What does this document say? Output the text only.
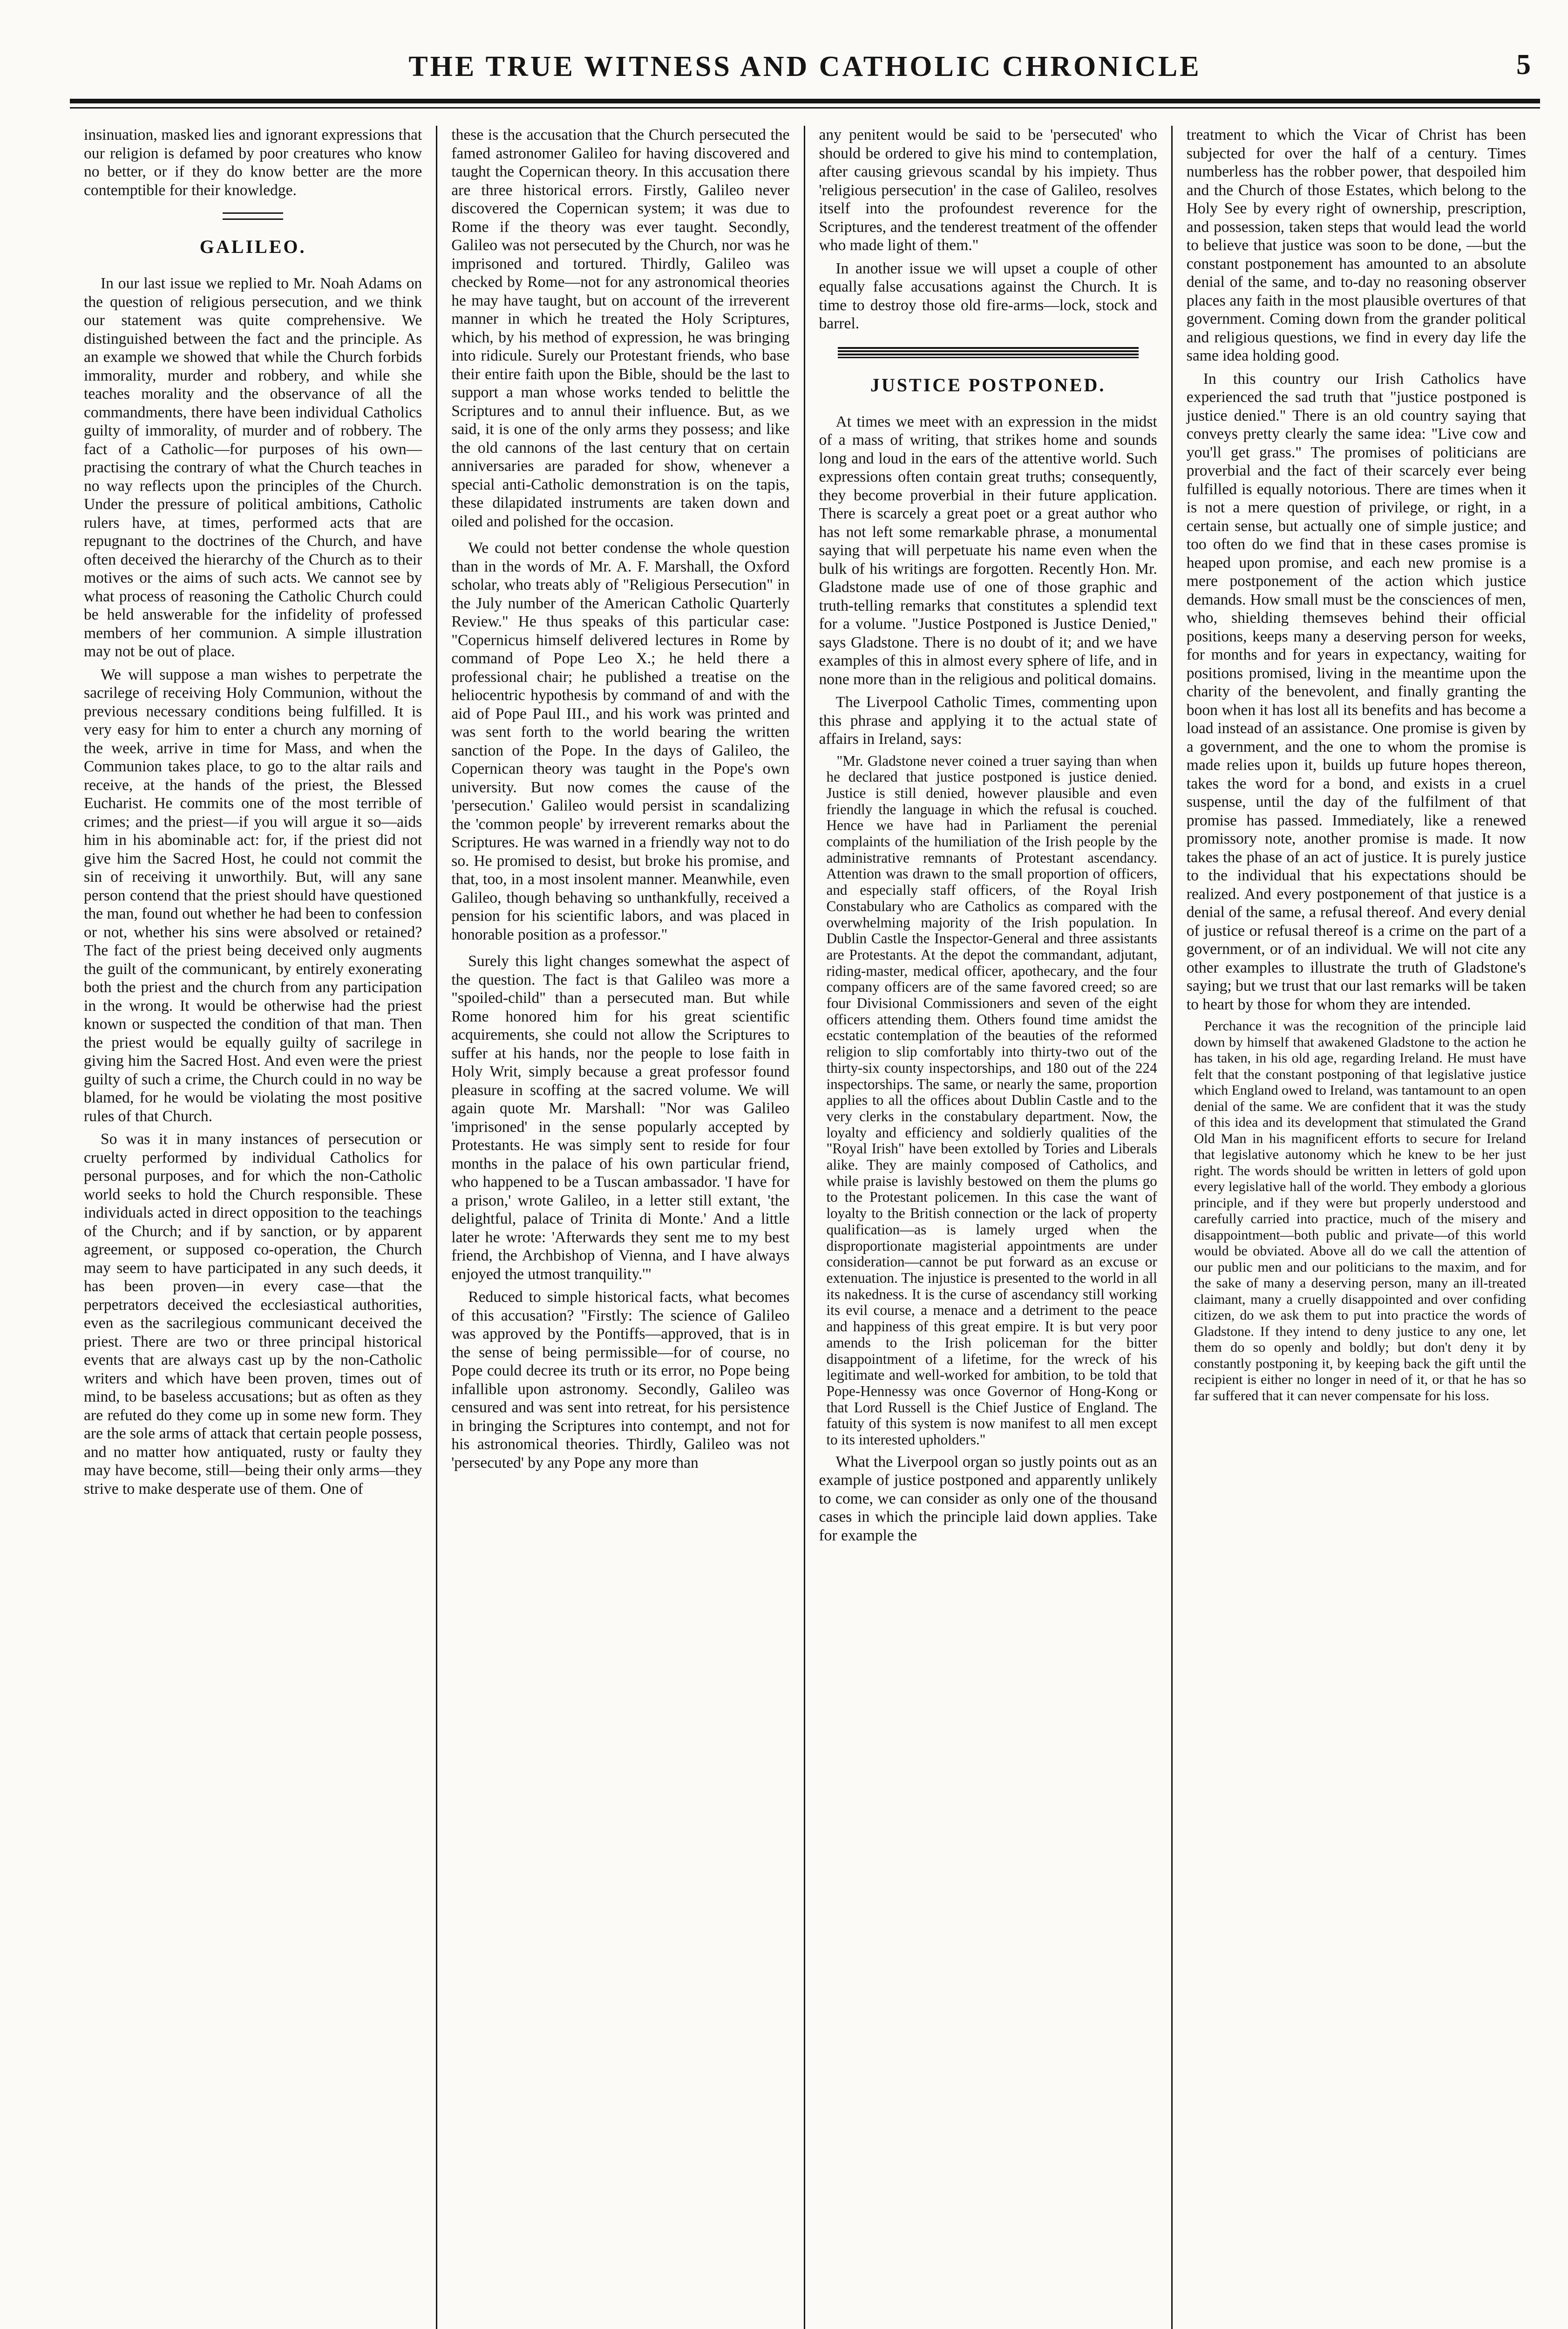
THE TRUE WITNESS AND CATHOLIC CHRONICLE	5

insinuation, masked lies and ignorant expressions that our religion is defamed by poor creatures who know no better, or if they do know better are the more contemptible for their knowledge.

GALILEO.

In our last issue we replied to Mr. Noah Adams on the question of religious persecution, and we think our statement was quite comprehensive. We distinguished between the fact and the principle. As an example we showed that while the Church forbids immorality, murder and robbery, and while she teaches morality and the observance of all the commandments, there have been individual Catholics guilty of immorality, of murder and of robbery. The fact of a Catholic—for purposes of his own—practising the contrary of what the Church teaches in no way reflects upon the principles of the Church. Under the pressure of political ambitions, Catholic rulers have, at times, performed acts that are repugnant to the doctrines of the Church, and have often deceived the hierarchy of the Church as to their motives or the aims of such acts. We cannot see by what process of reasoning the Catholic Church could be held answerable for the infidelity of professed members of her communion. A simple illustration may not be out of place.

We will suppose a man wishes to perpetrate the sacrilege of receiving Holy Communion, without the previous necessary conditions being fulfilled. It is very easy for him to enter a church any morning of the week, arrive in time for Mass, and when the Communion takes place, to go to the altar rails and receive, at the hands of the priest, the Blessed Eucharist. He commits one of the most terrible of crimes; and the priest—if you will argue it so—aids him in his abominable act: for, if the priest did not give him the Sacred Host, he could not commit the sin of receiving it unworthily. But, will any sane person contend that the priest should have questioned the man, found out whether he had been to confession or not, whether his sins were absolved or retained? The fact of the priest being deceived only augments the guilt of the communicant, by entirely exonerating both the priest and the church from any participation in the wrong. It would be otherwise had the priest known or suspected the condition of that man. Then the priest would be equally guilty of sacrilege in giving him the Sacred Host. And even were the priest guilty of such a crime, the Church could in no way be blamed, for he would be violating the most positive rules of that Church.

So was it in many instances of persecution or cruelty performed by individual Catholics for personal purposes, and for which the non-Catholic world seeks to hold the Church responsible. These individuals acted in direct opposition to the teachings of the Church; and if by sanction, or by apparent agreement, or supposed co-operation, the Church may seem to have participated in any such deeds, it has been proven—in every case—that the perpetrators deceived the ecclesiastical authorities, even as the sacrilegious communicant deceived the priest. There are two or three principal historical events that are always cast up by the non-Catholic writers and which have been proven, times out of mind, to be baseless accusations; but as often as they are refuted do they come up in some new form. They are the sole arms of attack that certain people possess, and no matter how antiquated, rusty or faulty they may have become, still—being their only arms—they strive to make desperate use of them. One of

these is the accusation that the Church persecuted the famed astronomer Galileo for having discovered and taught the Copernican theory. In this accusation there are three historical errors. Firstly, Galileo never discovered the Copernican system; it was due to Rome if the theory was ever taught. Secondly, Galileo was not persecuted by the Church, nor was he imprisoned and tortured. Thirdly, Galileo was checked by Rome—not for any astronomical theories he may have taught, but on account of the irreverent manner in which he treated the Holy Scriptures, which, by his method of expression, he was bringing into ridicule. Surely our Protestant friends, who base their entire faith upon the Bible, should be the last to support a man whose works tended to belittle the Scriptures and to annul their influence. But, as we said, it is one of the only arms they possess; and like the old cannons of the last century that on certain anniversaries are paraded for show, whenever a special anti-Catholic demonstration is on the tapis, these dilapidated instruments are taken down and oiled and polished for the occasion.

We could not better condense the whole question than in the words of Mr. A. F. Marshall, the Oxford scholar, who treats ably of "Religious Persecution" in the July number of the American Catholic Quarterly Review." He thus speaks of this particular case: "Copernicus himself delivered lectures in Rome by command of Pope Leo X.; he held there a professional chair; he published a treatise on the heliocentric hypothesis by command of and with the aid of Pope Paul III., and his work was printed and was sent forth to the world bearing the written sanction of the Pope. In the days of Galileo, the Copernican theory was taught in the Pope's own university. But now comes the cause of the 'persecution.' Galileo would persist in scandalizing the 'common people' by irreverent remarks about the Scriptures. He was warned in a friendly way not to do so. He promised to desist, but broke his promise, and that, too, in a most insolent manner. Meanwhile, even Galileo, though behaving so unthankfully, received a pension for his scientific labors, and was placed in honorable position as a professor."

Surely this light changes somewhat the aspect of the question. The fact is that Galileo was more a "spoiled-child" than a persecuted man. But while Rome honored him for his great scientific acquirements, she could not allow the Scriptures to suffer at his hands, nor the people to lose faith in Holy Writ, simply because a great professor found pleasure in scoffing at the sacred volume. We will again quote Mr. Marshall: "Nor was Galileo 'imprisoned' in the sense popularly accepted by Protestants. He was simply sent to reside for four months in the palace of his own particular friend, who happened to be a Tuscan ambassador. 'I have for a prison,' wrote Galileo, in a letter still extant, 'the delightful, palace of Trinita di Monte.' And a little later he wrote: 'Afterwards they sent me to my best friend, the Archbishop of Vienna, and I have always enjoyed the utmost tranquility.'"

Reduced to simple historical facts, what becomes of this accusation? "Firstly: The science of Galileo was approved by the Pontiffs—approved, that is in the sense of being permissible—for of course, no Pope could decree its truth or its error, no Pope being infallible upon astronomy. Secondly, Galileo was censured and was sent into retreat, for his persistence in bringing the Scriptures into contempt, and not for his astronomical theories. Thirdly, Galileo was not 'persecuted' by any Pope any more than

any penitent would be said to be 'persecuted' who should be ordered to give his mind to contemplation, after causing grievous scandal by his impiety. Thus 'religious persecution' in the case of Galileo, resolves itself into the profoundest reverence for the Scriptures, and the tenderest treatment of the offender who made light of them."

In another issue we will upset a couple of other equally false accusations against the Church. It is time to destroy those old fire-arms—lock, stock and barrel.

JUSTICE POSTPONED.

At times we meet with an expression in the midst of a mass of writing, that strikes home and sounds long and loud in the ears of the attentive world. Such expressions often contain great truths; consequently, they become proverbial in their future application. There is scarcely a great poet or a great author who has not left some remarkable phrase, a monumental saying that will perpetuate his name even when the bulk of his writings are forgotten. Recently Hon. Mr. Gladstone made use of one of those graphic and truth-telling remarks that constitutes a splendid text for a volume. "Justice Postponed is Justice Denied," says Gladstone. There is no doubt of it; and we have examples of this in almost every sphere of life, and in none more than in the religious and political domains.

The Liverpool Catholic Times, commenting upon this phrase and applying it to the actual state of affairs in Ireland, says:

"Mr. Gladstone never coined a truer saying than when he declared that justice postponed is justice denied. Justice is still denied, however plausible and even friendly the language in which the refusal is couched. Hence we have had in Parliament the perenial complaints of the humiliation of the Irish people by the administrative remnants of Protestant ascendancy. Attention was drawn to the small proportion of officers, and especially staff officers, of the Royal Irish Constabulary who are Catholics as compared with the overwhelming majority of the Irish population. In Dublin Castle the Inspector-General and three assistants are Protestants. At the depot the commandant, adjutant, riding-master, medical officer, apothecary, and the four company officers are of the same favored creed; so are four Divisional Commissioners and seven of the eight officers attending them. Others found time amidst the ecstatic contemplation of the beauties of the reformed religion to slip comfortably into thirty-two out of the thirty-six county inspectorships, and 180 out of the 224 inspectorships. The same, or nearly the same, proportion applies to all the offices about Dublin Castle and to the very clerks in the constabulary department. Now, the loyalty and efficiency and soldierly qualities of the "Royal Irish" have been extolled by Tories and Liberals alike. They are mainly composed of Catholics, and while praise is lavishly bestowed on them the plums go to the Protestant policemen. In this case the want of loyalty to the British connection or the lack of property qualification—as is lamely urged when the disproportionate magisterial appointments are under consideration—cannot be put forward as an excuse or extenuation. The injustice is presented to the world in all its nakedness. It is the curse of ascendancy still working its evil course, a menace and a detriment to the peace and happiness of this great empire. It is but very poor amends to the Irish policeman for the bitter disappointment of a lifetime, for the wreck of his legitimate and well-worked for ambition, to be told that Pope-Hennessy was once Governor of Hong-Kong or that Lord Russell is the Chief Justice of England. The fatuity of this system is now manifest to all men except to its interested upholders."

What the Liverpool organ so justly points out as an example of justice postponed and apparently unlikely to come, we can consider as only one of the thousand cases in which the principle laid down applies. Take for example the

treatment to which the Vicar of Christ has been subjected for over the half of a century. Times numberless has the robber power, that despoiled him and the Church of those Estates, which belong to the Holy See by every right of ownership, prescription, and possession, taken steps that would lead the world to believe that justice was soon to be done, —but the constant postponement has amounted to an absolute denial of the same, and to-day no reasoning observer places any faith in the most plausible overtures of that government. Coming down from the grander political and religious questions, we find in every day life the same idea holding good.

In this country our Irish Catholics have experienced the sad truth that "justice postponed is justice denied." There is an old country saying that conveys pretty clearly the same idea: "Live cow and you'll get grass." The promises of politicians are proverbial and the fact of their scarcely ever being fulfilled is equally notorious. There are times when it is not a mere question of privilege, or right, in a certain sense, but actually one of simple justice; and too often do we find that in these cases promise is heaped upon promise, and each new promise is a mere postponement of the action which justice demands. How small must be the consciences of men, who, shielding themseves behind their official positions, keeps many a deserving person for weeks, for months and for years in expectancy, waiting for positions promised, living in the meantime upon the charity of the benevolent, and finally granting the boon when it has lost all its benefits and has become a load instead of an assistance. One promise is given by a government, and the one to whom the promise is made relies upon it, builds up future hopes thereon, takes the word for a bond, and exists in a cruel suspense, until the day of the fulfilment of that promise has passed. Immediately, like a renewed promissory note, another promise is made. It now takes the phase of an act of justice. It is purely justice to the individual that his expectations should be realized. And every postponement of that justice is a denial of the same, a refusal thereof. And every denial of justice or refusal thereof is a crime on the part of a government, or of an individual. We will not cite any other examples to illustrate the truth of Gladstone's saying; but we trust that our last remarks will be taken to heart by those for whom they are intended.

Perchance it was the recognition of the principle laid down by himself that awakened Gladstone to the action he has taken, in his old age, regarding Ireland. He must have felt that the constant postponing of that legislative justice which England owed to Ireland, was tantamount to an open denial of the same. We are confident that it was the study of this idea and its development that stimulated the Grand Old Man in his magnificent efforts to secure for Ireland that legislative autonomy which he knew to be her just right. The words should be written in letters of gold upon every legislative hall of the world. They embody a glorious principle, and if they were but properly understood and carefully carried into practice, much of the misery and disappointment—both public and private—of this world would be obviated. Above all do we call the attention of our public men and our politicians to the maxim, and for the sake of many a deserving person, many an ill-treated claimant, many a cruelly disappointed and over confiding citizen, do we ask them to put into practice the words of Gladstone. If they intend to deny justice to any one, let them do so openly and boldly; but don't deny it by constantly postponing it, by keeping back the gift until the recipient is either no longer in need of it, or that he has so far suffered that it can never compensate for his loss.
